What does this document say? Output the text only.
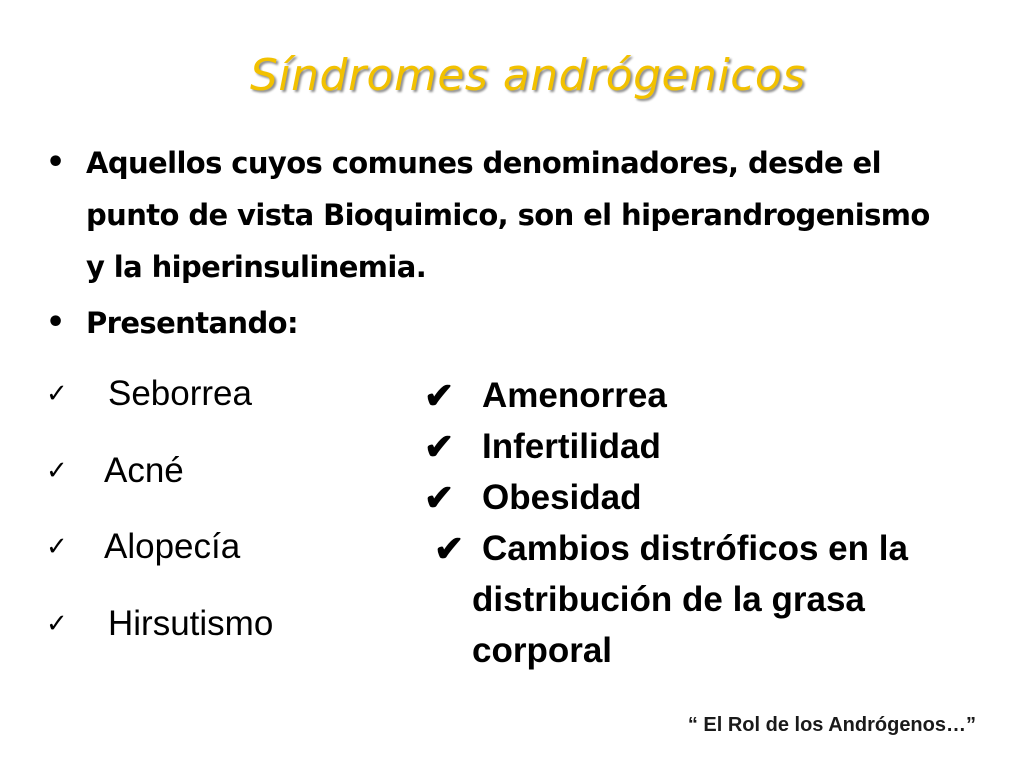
Síndromes andrógenicos
• Aquellos cuyos comunes denominadores, desde el punto de vista Bioquimico, son el hiperandrogenismo y la hiperinsulinemia.
• Presentando:
✓ Seborrea
✓ Acné
✓ Alopecía
✓ Hirsutismo
✔ Amenorrea
✔ Infertilidad
✔ Obesidad
✔ Cambios distróficos en la distribución de la grasa corporal
“ El Rol de los Andrógenos…”
